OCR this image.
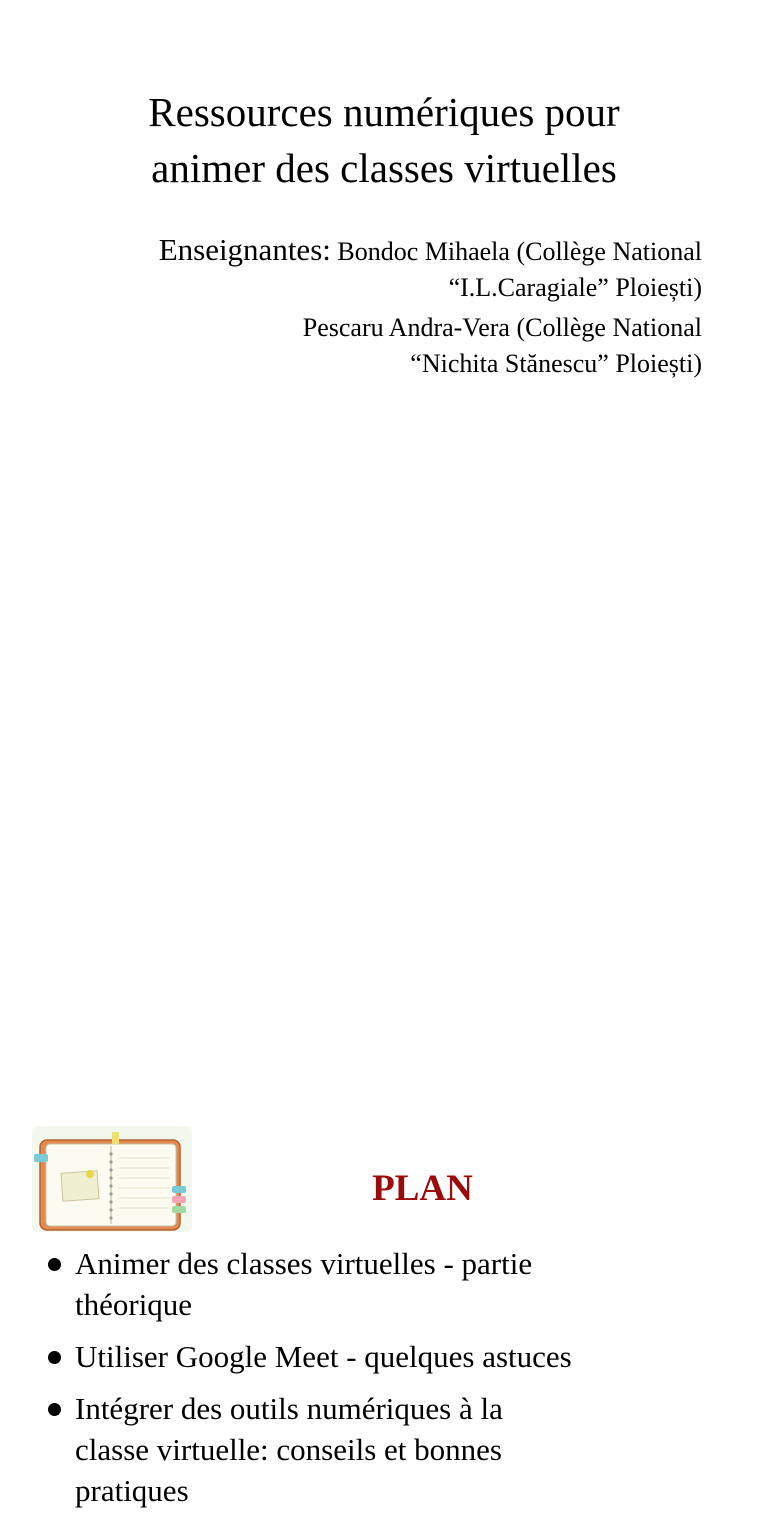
Ressources numériques pour
animer des classes virtuelles
Enseignantes: Bondoc Mihaela (Collège National
“I.L.Caragiale” Ploiești)
Pescaru Andra-Vera (Collège National
“Nichita Stănescu” Ploiești)
PLAN
Animer des classes virtuelles - partie
théorique
Utiliser Google Meet - quelques astuces
Intégrer des outils numériques à la
classe virtuelle: conseils et bonnes
pratiques
